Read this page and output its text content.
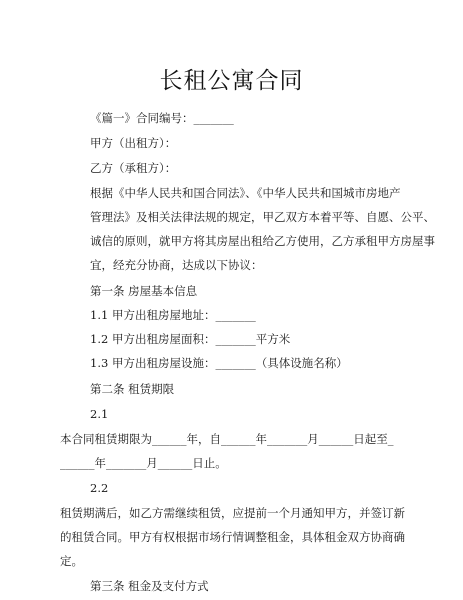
长租公寓合同
《篇一》合同编号：_______
甲方（出租方）：
乙方（承租方）：
根据《中华人民共和国合同法》、《中华人民共和国城市房地产
管理法》及相关法律法规的规定，甲乙双方本着平等、自愿、公平、
诚信的原则，就甲方将其房屋出租给乙方使用，乙方承租甲方房屋事
宜，经充分协商，达成以下协议：
第一条 房屋基本信息
1.1 甲方出租房屋地址：_______
1.2 甲方出租房屋面积：_______平方米
1.3 甲方出租房屋设施：_______（具体设施名称）
第二条 租赁期限
2.1
本合同租赁期限为______年，自______年_______月______日起至_
______年_______月______日止。
2.2
租赁期满后，如乙方需继续租赁，应提前一个月通知甲方，并签订新
的租赁合同。甲方有权根据市场行情调整租金，具体租金双方协商确
定。
第三条 租金及支付方式
